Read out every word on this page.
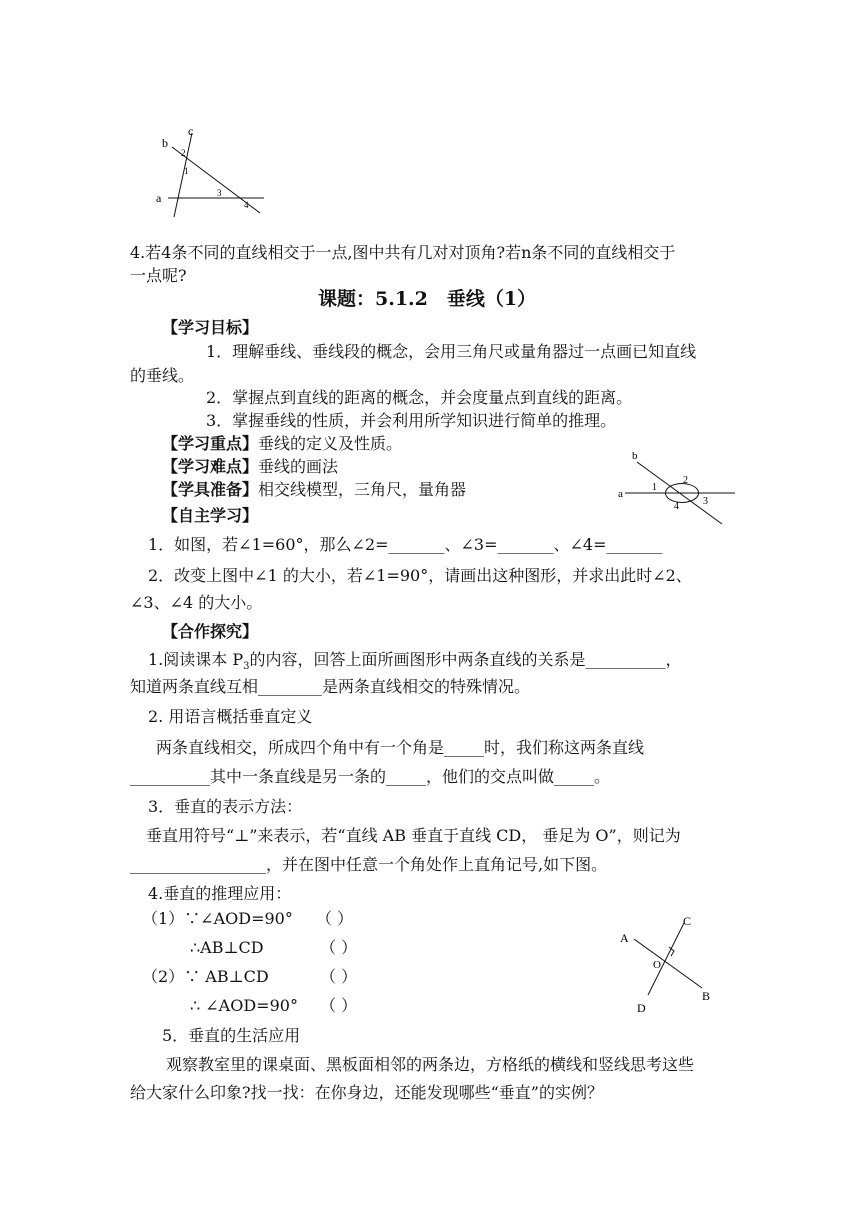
c
b
a
2
1
3
4
4.若4条不同的直线相交于一点,图中共有几对对顶角?若n条不同的直线相交于
一点呢?
课题：5.1.2　垂线（1）
【学习目标】
1．理解垂线、垂线段的概念，会用三角尺或量角器过一点画已知直线
的垂线。
2．掌握点到直线的距离的概念，并会度量点到直线的距离。
3．掌握垂线的性质，并会利用所学知识进行简单的推理。
【学习重点】垂线的定义及性质。
【学习难点】垂线的画法
【学具准备】相交线模型，三角尺，量角器
b
a
1
2
3
4
【自主学习】
1．如图，若∠1=60°，那么∠2=_______、∠3=_______、∠4=_______
2．改变上图中∠1 的大小，若∠1=90°，请画出这种图形，并求出此时∠2、
∠3、∠4 的大小。
【合作探究】
1.阅读课本 $P_3$的内容，回答上面所画图形中两条直线的关系是__________，
知道两条直线互相________是两条直线相交的特殊情况。
2. 用语言概括垂直定义
两条直线相交，所成四个角中有一个角是_____时，我们称这两条直线
__________其中一条直线是另一条的_____，他们的交点叫做_____。
3．垂直的表示方法：
垂直用符号“⊥”来表示，若“直线 AB 垂直于直线 CD， 垂足为 O”，则记为
_________________，并在图中任意一个角处作上直角记号,如下图。
4.垂直的推理应用：
（1）∵∠AOD=90° （ ）
∴AB⊥CD	（ ）
（2）∵ AB⊥CD	（ ）
∴ ∠AOD=90° （ ）
C
A
O
B
D
5．垂直的生活应用
观察教室里的课桌面、黑板面相邻的两条边，方格纸的横线和竖线思考这些
给大家什么印象?找一找：在你身边，还能发现哪些“垂直”的实例？
